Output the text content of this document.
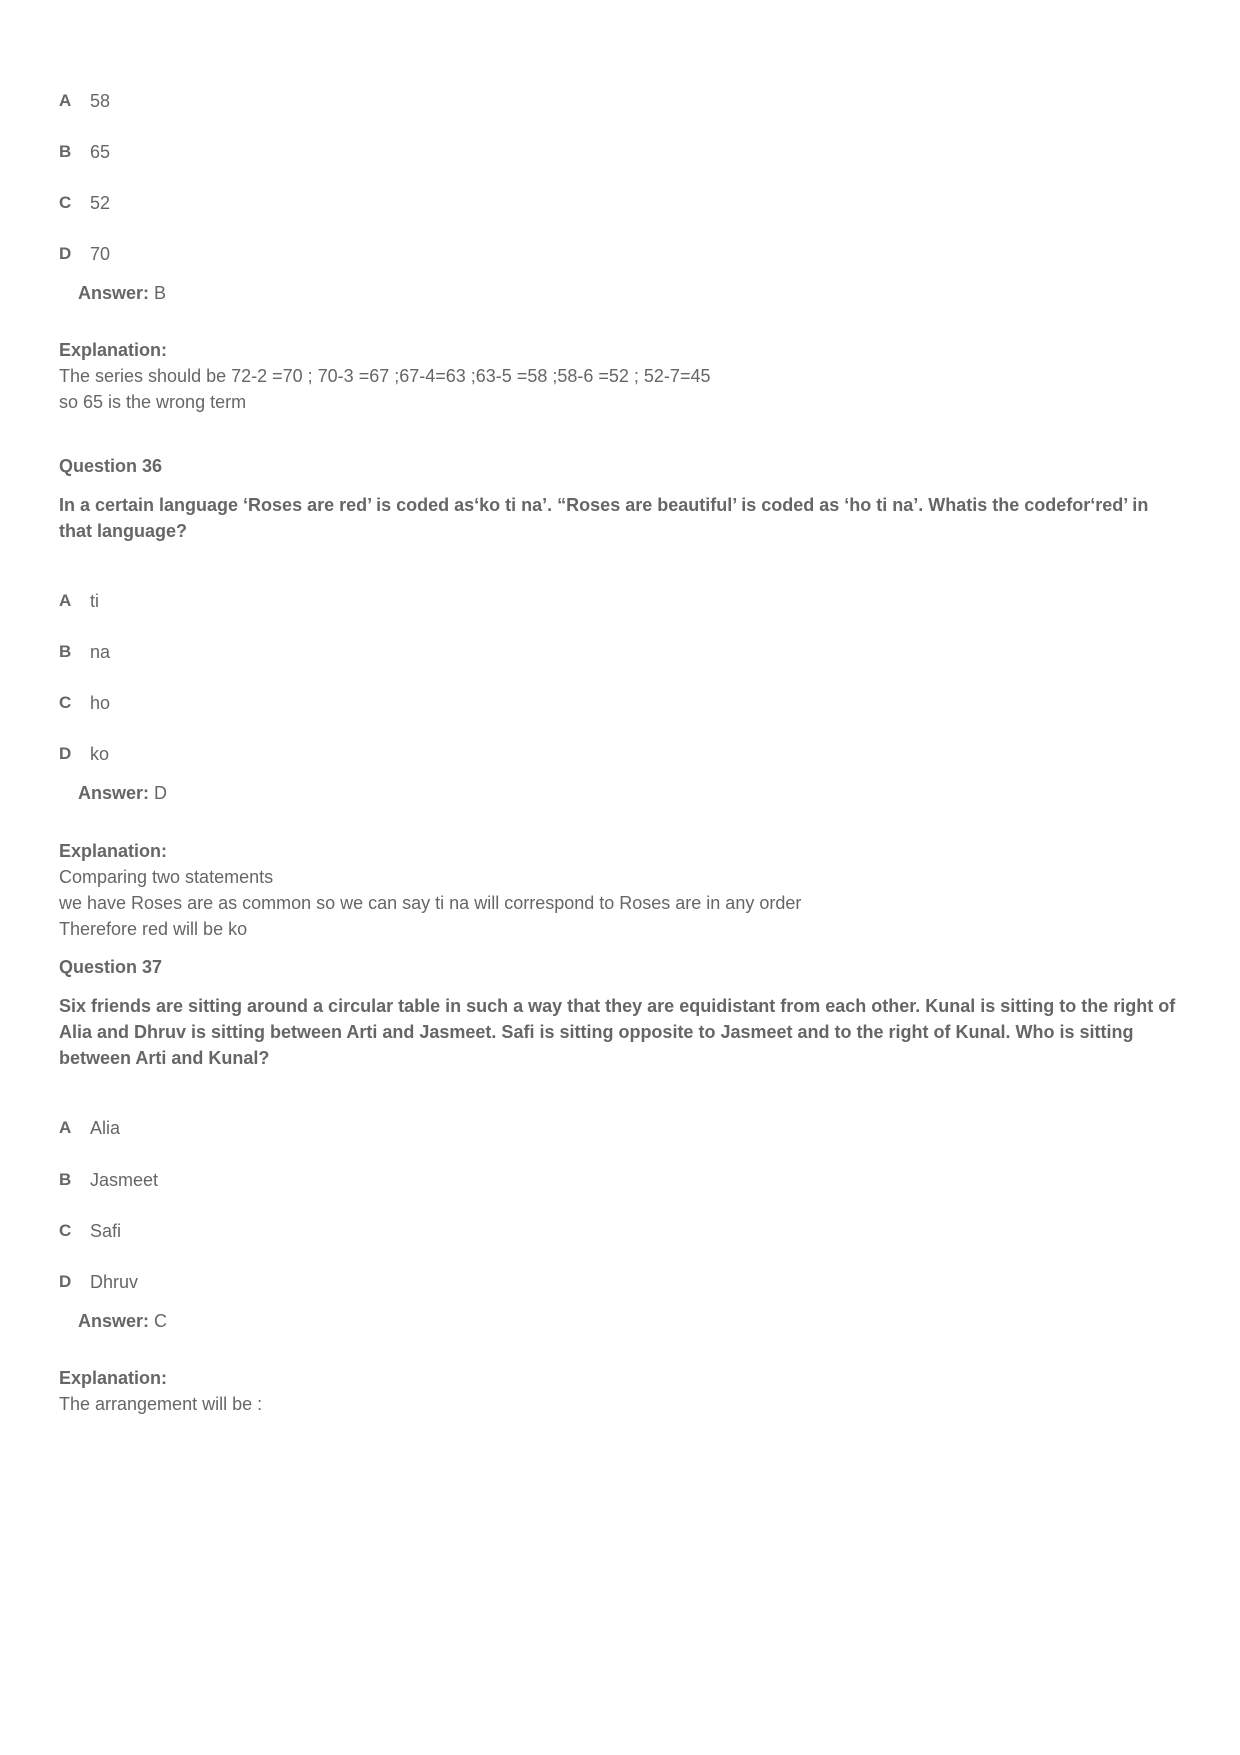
A	58
B	65
C	52
D	70
Answer: B
Explanation:
The series should be 72-2 =70 ; 70-3 =67 ;67-4=63 ;63-5 =58 ;58-6 =52 ; 52-7=45
so 65 is the wrong term
Question 36
In a certain language ‘Roses are red’ is coded as‘ko ti na’. “Roses are beautiful’ is coded as ‘ho ti na’. Whatis the codefor‘red’ in that language?
A	ti
B	na
C	ho
D	ko
Answer: D
Explanation:
Comparing two statements
we have Roses are as common so we can say ti na will correspond to Roses are in any order
Therefore red will be ko
Question 37
Six friends are sitting around a circular table in such a way that they are equidistant from each other. Kunal is sitting to the right of Alia and Dhruv is sitting between Arti and Jasmeet. Safi is sitting opposite to Jasmeet and to the right of Kunal. Who is sitting between Arti and Kunal?
A	Alia
B	Jasmeet
C	Safi
D	Dhruv
Answer: C
Explanation:
The arrangement will be :
